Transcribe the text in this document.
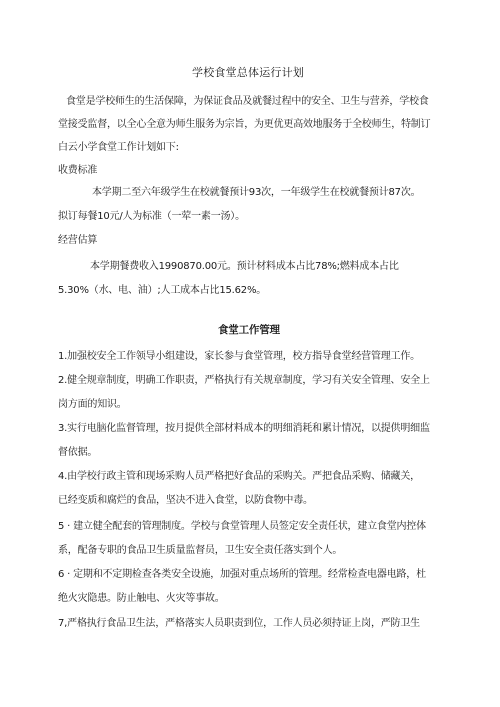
学校食堂总体运行计划
食堂是学校师生的生活保障，为保证食品及就餐过程中的安全、卫生与营养，学校食
堂接受监督，以全心全意为师生服务为宗旨，为更优更高效地服务于全校师生，特制订
白云小学食堂工作计划如下:
收费标准
本学期二至六年级学生在校就餐预计93次，一年级学生在校就餐预计87次。
拟订每餐10元/人为标准（一荤一素一汤）。
经营估算
本学期餐费收入1990870.00元。预计材料成本占比78%;燃料成本占比
5.30%（水、电、油）;人工成本占比15.62%。
食堂工作管理
1.加强校安全工作领导小组建设，家长参与食堂管理，校方指导食堂经营管理工作。
2.健全规章制度，明确工作职责，严格执行有关规章制度，学习有关安全管理、安全上
岗方面的知识。
3.实行电脑化监督管理，按月提供全部材料成本的明细消耗和累计情况，以提供明细监
督依据。
4.由学校行政主管和现场采购人员严格把好食品的采购关。严把食品采购、储藏关，
已经变质和腐烂的食品，坚决不进入食堂，以防食物中毒。
5 · 建立健全配套的管理制度。学校与食堂管理人员签定安全责任状，建立食堂内控体
系，配备专职的食品卫生质量监督员，卫生安全责任落实到个人。
6 · 定期和不定期检查各类安全设施，加强对重点场所的管理。经常检查电器电路，杜
绝火灾隐患。防止触电、火灾等事故。
7,严格执行食品卫生法，严格落实人员职责到位，工作人员必须持证上岗，严防卫生
